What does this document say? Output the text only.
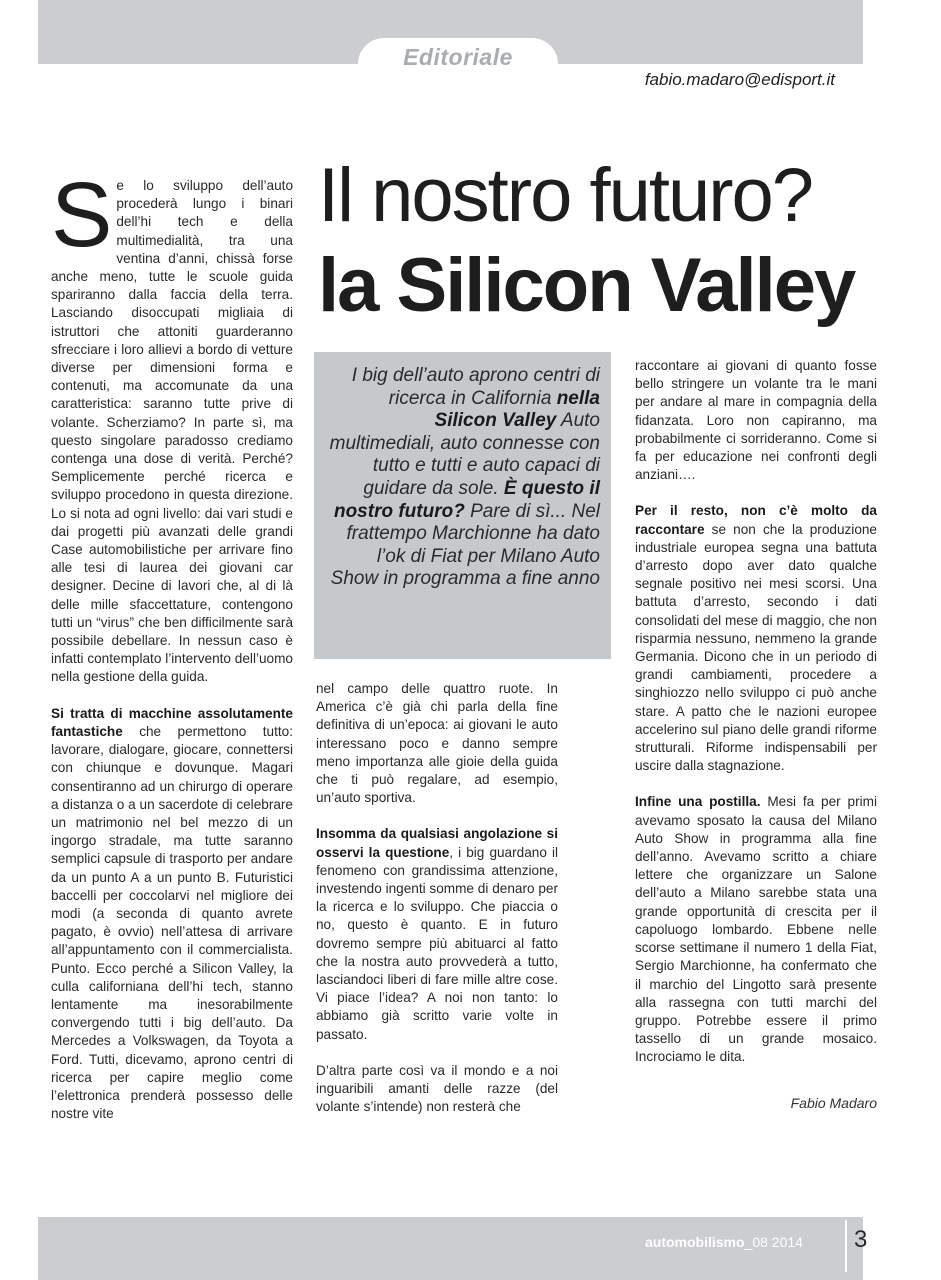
Editoriale
fabio.madaro@edisport.it
Il nostro futuro?
la Silicon Valley

Se lo sviluppo dell’auto procederà lungo i binari dell’hi tech e della multimedialità, tra una ventina d’anni, chissà forse anche meno, tutte le scuole guida spariranno dalla faccia della terra. Lasciando disoccupati migliaia di istruttori che attoniti guarderanno sfrecciare i loro allievi a bordo di vetture diverse per dimensioni forma e contenuti, ma accomunate da una caratteristica: saranno tutte prive di volante. Scherziamo? In parte sì, ma questo singolare paradosso crediamo contenga una dose di verità. Perché? Semplicemente perché ricerca e sviluppo procedono in questa direzione. Lo si nota ad ogni livello: dai vari studi e dai progetti più avanzati delle grandi Case automobilistiche per arrivare fino alle tesi di laurea dei giovani car designer. Decine di lavori che, al di là delle mille sfaccettature, contengono tutti un “virus” che ben difficilmente sarà possibile debellare. In nessun caso è infatti contemplato l’intervento dell’uomo nella gestione della guida.

Si tratta di macchine assolutamente fantastiche che permettono tutto: lavorare, dialogare, giocare, connettersi con chiunque e dovunque. Magari consentiranno ad un chirurgo di operare a distanza o a un sacerdote di celebrare un matrimonio nel bel mezzo di un ingorgo stradale, ma tutte saranno semplici capsule di trasporto per andare da un punto A a un punto B. Futuristici baccelli per coccolarvi nel migliore dei modi (a seconda di quanto avrete pagato, è ovvio) nell’attesa di arrivare all’appuntamento con il commercialista. Punto. Ecco perché a Silicon Valley, la culla californiana dell’hi tech, stanno lentamente ma inesorabilmente convergendo tutti i big dell’auto. Da Mercedes a Volkswagen, da Toyota a Ford. Tutti, dicevamo, aprono centri di ricerca per capire meglio come l’elettronica prenderà possesso delle nostre vite

I big dell’auto aprono centri di ricerca in California nella Silicon Valley Auto multimediali, auto connesse con tutto e tutti e auto capaci di guidare da sole. È questo il nostro futuro? Pare di sì... Nel frattempo Marchionne ha dato l’ok di Fiat per Milano Auto Show in programma a fine anno

nel campo delle quattro ruote. In America c’è già chi parla della fine definitiva di un’epoca: ai giovani le auto interessano poco e danno sempre meno importanza alle gioie della guida che ti può regalare, ad esempio, un’auto sportiva.

Insomma da qualsiasi angolazione si osservi la questione, i big guardano il fenomeno con grandissima attenzione, investendo ingenti somme di denaro per la ricerca e lo sviluppo. Che piaccia o no, questo è quanto. E in futuro dovremo sempre più abituarci al fatto che la nostra auto provvederà a tutto, lasciandoci liberi di fare mille altre cose. Vi piace l’idea? A noi non tanto: lo abbiamo già scritto varie volte in passato.

D’altra parte così va il mondo e a noi inguaribili amanti delle razze (del volante s’intende) non resterà che

raccontare ai giovani di quanto fosse bello stringere un volante tra le mani per andare al mare in compagnia della fidanzata. Loro non capiranno, ma probabilmente ci sorrideranno. Come si fa per educazione nei confronti degli anziani….

Per il resto, non c’è molto da raccontare se non che la produzione industriale europea segna una battuta d’arresto dopo aver dato qualche segnale positivo nei mesi scorsi. Una battuta d’arresto, secondo i dati consolidati del mese di maggio, che non risparmia nessuno, nemmeno la grande Germania. Dicono che in un periodo di grandi cambiamenti, procedere a singhiozzo nello sviluppo ci può anche stare. A patto che le nazioni europee accelerino sul piano delle grandi riforme strutturali. Riforme indispensabili per uscire dalla stagnazione.

Infine una postilla. Mesi fa per primi avevamo sposato la causa del Milano Auto Show in programma alla fine dell’anno. Avevamo scritto a chiare lettere che organizzare un Salone dell’auto a Milano sarebbe stata una grande opportunità di crescita per il capoluogo lombardo. Ebbene nelle scorse settimane il numero 1 della Fiat, Sergio Marchionne, ha confermato che il marchio del Lingotto sarà presente alla rassegna con tutti marchi del gruppo. Potrebbe essere il primo tassello di un grande mosaico. Incrociamo le dita.

Fabio Madaro
automobilismo_08 2014 3
